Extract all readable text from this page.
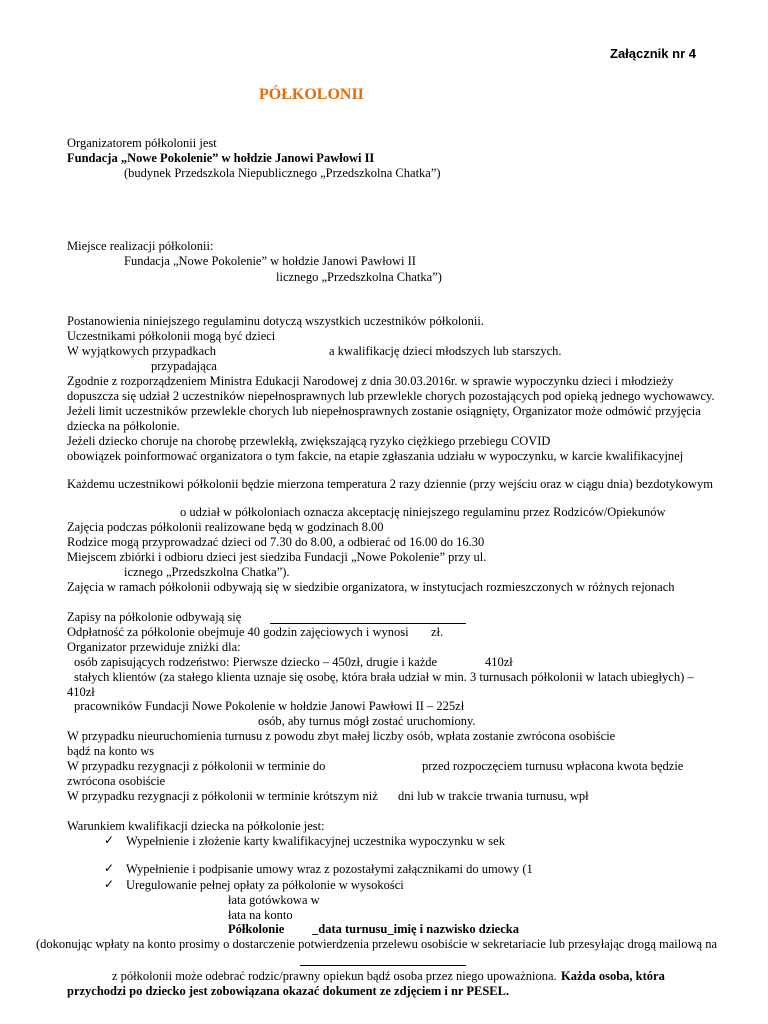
Załącznik nr 4
PÓŁKOLONII
Organizatorem półkolonii jest
Fundacja „Nowe Pokolenie” w hołdzie Janowi Pawłowi II
(budynek Przedszkola Niepublicznego „Przedszkolna Chatka”)
Miejsce realizacji półkolonii:
Fundacja „Nowe Pokolenie” w hołdzie Janowi Pawłowi II
licznego „Przedszkolna Chatka”)
Postanowienia niniejszego regulaminu dotyczą wszystkich uczestników półkolonii.
Uczestnikami półkolonii mogą być dzieci
W wyjątkowych przypadkach	a kwalifikację dzieci młodszych lub starszych.
przypadająca
Zgodnie z rozporządzeniem Ministra Edukacji Narodowej z dnia 30.03.2016r. w sprawie wypoczynku dzieci i młodzieży
dopuszcza się udział 2 uczestników niepełnosprawnych lub przewlekle chorych pozostających pod opieką jednego wychowawcy.
Jeżeli limit uczestników przewlekle chorych lub niepełnosprawnych zostanie osiągnięty, Organizator może odmówić przyjęcia
dziecka na półkolonie.
Jeżeli dziecko choruje na chorobę przewlekłą, zwiększającą ryzyko ciężkiego przebiegu COVID
obowiązek poinformować organizatora o tym fakcie, na etapie zgłaszania udziału w wypoczynku, w karcie kwalifikacyjnej
Każdemu uczestnikowi półkolonii będzie mierzona temperatura 2 razy dziennie (przy wejściu oraz w ciągu dnia) bezdotykowym
o udział w półkoloniach oznacza akceptację niniejszego regulaminu przez Rodziców/Opiekunów
Zajęcia podczas półkolonii realizowane będą w godzinach 8.00
Rodzice mogą przyprowadzać dzieci od 7.30 do 8.00, a odbierać od 16.00 do 16.30
Miejscem zbiórki i odbioru dzieci jest siedziba Fundacji „Nowe Pokolenie” przy ul.
icznego „Przedszkolna Chatka”).
Zajęcia w ramach półkolonii odbywają się w siedzibie organizatora, w instytucjach rozmieszczonych w różnych rejonach
Zapisy na półkolonie odbywają się
Odpłatność za półkolonie obejmuje 40 godzin zajęciowych i wynosi zł.
Organizator przewiduje zniżki dla:
osób zapisujących rodzeństwo: Pierwsze dziecko – 450zł, drugie i każde	410zł
stałych klientów (za stałego klienta uznaje się osobę, która brała udział w min. 3 turnusach półkolonii w latach ubiegłych) –
410zł
pracowników Fundacji Nowe Pokolenie w hołdzie Janowi Pawłowi II – 225zł
osób, aby turnus mógł zostać uruchomiony.
W przypadku nieuruchomienia turnusu z powodu zbyt małej liczby osób, wpłata zostanie zwrócona osobiście
bądź na konto ws
W przypadku rezygnacji z półkolonii w terminie do	przed rozpoczęciem turnusu wpłacona kwota będzie
zwrócona osobiście
W przypadku rezygnacji z półkolonii w terminie krótszym niż dni lub w trakcie trwania turnusu, wpł
Warunkiem kwalifikacji dziecka na półkolonie jest:
✓ Wypełnienie i złożenie karty kwalifikacyjnej uczestnika wypoczynku w sek
✓ Wypełnienie i podpisanie umowy wraz z pozostałymi załącznikami do umowy (1
✓ Uregulowanie pełnej opłaty za półkolonie w wysokości
łata gotówkowa w
łata na konto
Półkolonie _data turnusu_imię i nazwisko dziecka
(dokonując wpłaty na konto prosimy o dostarczenie potwierdzenia przelewu osobiście w sekretariacie lub przesyłając drogą mailową na
z półkolonii może odebrać rodzic/prawny opiekun bądź osoba przez niego upoważniona. Każda osoba, która
przychodzi po dziecko jest zobowiązana okazać dokument ze zdjęciem i nr PESEL.
